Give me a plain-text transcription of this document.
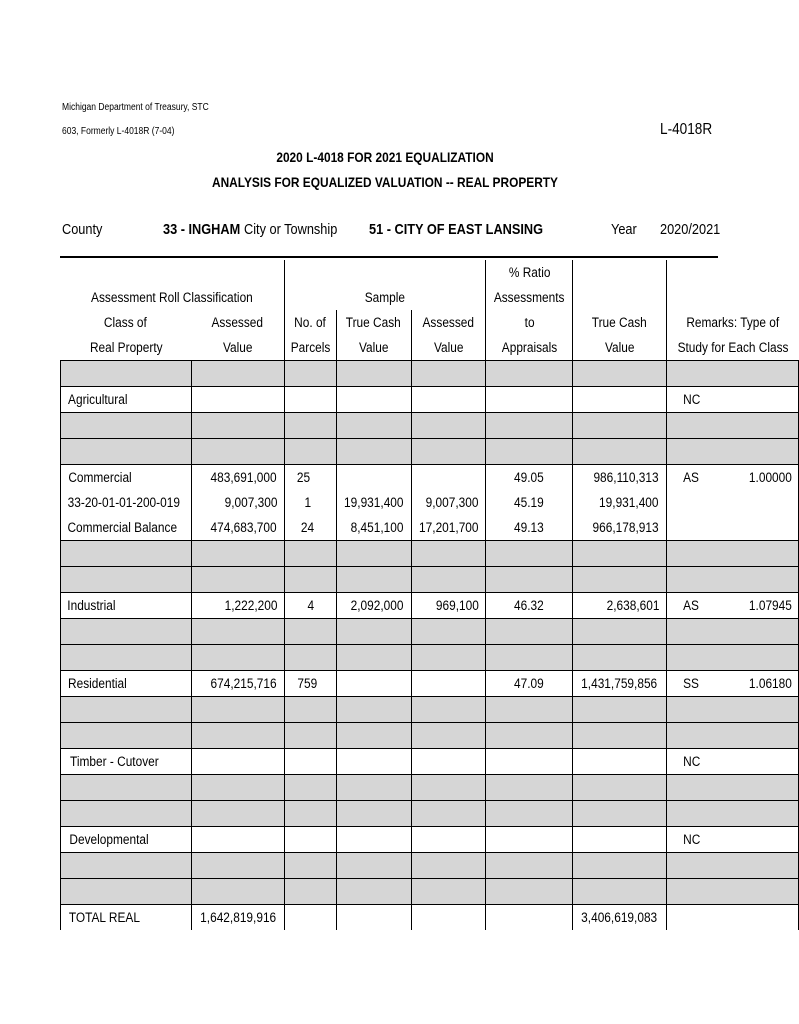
Michigan Department of Treasury, STC
603, Formerly L-4018R (7-04)	L-4018R
2020 L-4018 FOR 2021 EQUALIZATION
ANALYSIS FOR EQUALIZED VALUATION -- REAL PROPERTY
County	33 - INGHAM City or Township 51 - CITY OF EAST LANSING	Year 2020/2021
					% Ratio		
Assessment Roll Classification		Sample			Assessments		
Class of	Assessed	No. of	True Cash	Assessed	to	True Cash	Remarks: Type of
Real Property	Value	Parcels	Value	Value	Appraisals	Value	Study for Each Class

Agricultural							NC

Commercial	483,691,000	25			49.05	986,110,313	AS 1.00000

33-20-01-01-200-019	9,007,300	1	19,931,400	9,007,300	45.19	19,931,400	
Commercial Balance	474,683,700	24	8,451,100	17,201,700	49.13	966,178,913	

Industrial	1,222,200	4	2,092,000	969,100	46.32	2,638,601	AS 1.07945

Residential	674,215,716	759			47.09	1,431,759,856	SS 1.06180

Timber - Cutover							NC

Developmental							NC

TOTAL REAL	1,642,819,916					3,406,619,083	
